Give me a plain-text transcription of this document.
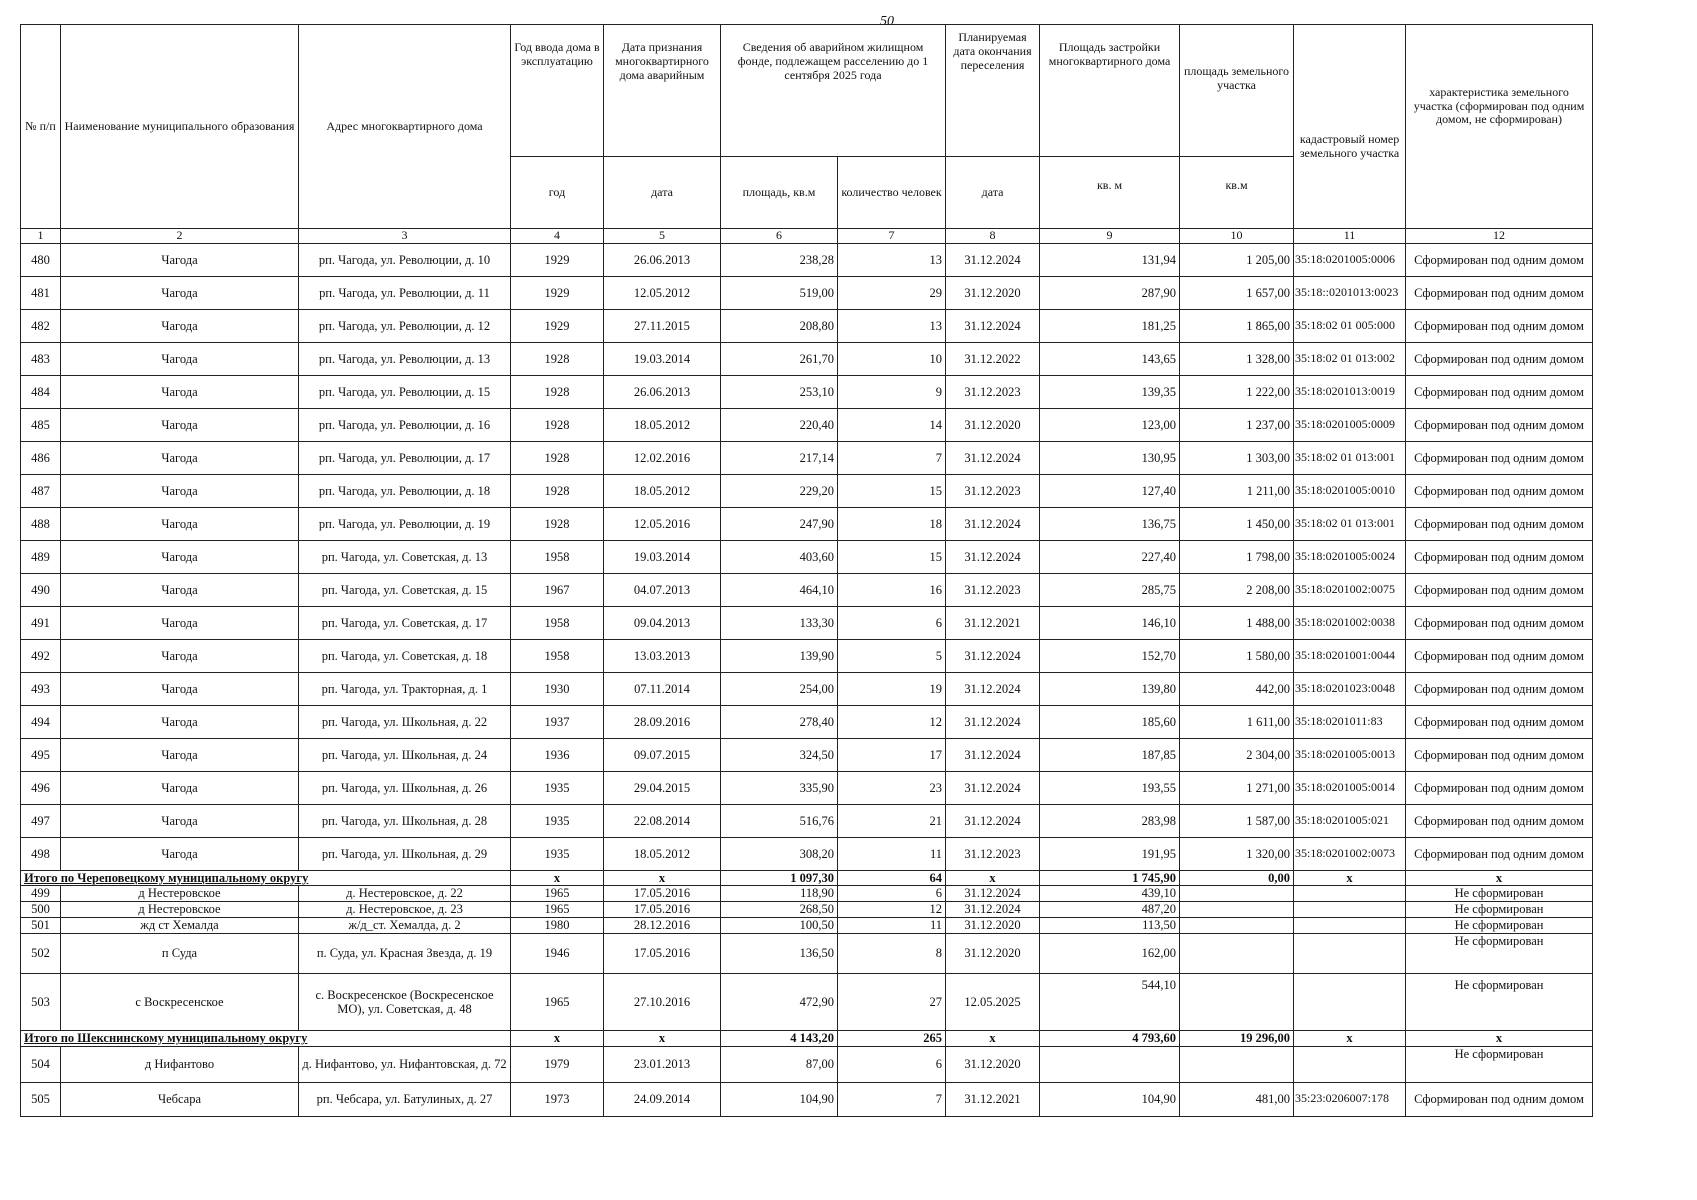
50
№ п/п	Наименование муниципального образования	Адрес многоквартирного дома	Год ввода дома в эксплуатацию	Дата признания многоквартирного дома аварийным	Сведения об аварийном жилищном фонде, подлежащем расселению до 1 сентября 2025 года		Планируемая дата окончания переселения	Площадь застройки многоквартирного дома	площадь земельного участка	кадастровый номер земельного участка	характеристика земельного участка (сформирован под одним домом, не сформирован)
			год	дата	площадь, кв.м	количество человек	дата	кв. м	кв.м		
1	2	3	4	5	6	7	8	9	10	11	12
480	Чагода	рп. Чагода, ул. Революции, д. 10	1929	26.06.2013	238,28	13	31.12.2024	131,94	1 205,00	35:18:0201005:0006	Сформирован под одним домом
481	Чагода	рп. Чагода, ул. Революции, д. 11	1929	12.05.2012	519,00	29	31.12.2020	287,90	1 657,00	35:18::0201013:0023	Сформирован под одним домом
482	Чагода	рп. Чагода, ул. Революции, д. 12	1929	27.11.2015	208,80	13	31.12.2024	181,25	1 865,00	35:18:02 01 005:000	Сформирован под одним домом
483	Чагода	рп. Чагода, ул. Революции, д. 13	1928	19.03.2014	261,70	10	31.12.2022	143,65	1 328,00	35:18:02 01 013:002	Сформирован под одним домом
484	Чагода	рп. Чагода, ул. Революции, д. 15	1928	26.06.2013	253,10	9	31.12.2023	139,35	1 222,00	35:18:0201013:0019	Сформирован под одним домом
485	Чагода	рп. Чагода, ул. Революции, д. 16	1928	18.05.2012	220,40	14	31.12.2020	123,00	1 237,00	35:18:0201005:0009	Сформирован под одним домом
486	Чагода	рп. Чагода, ул. Революции, д. 17	1928	12.02.2016	217,14	7	31.12.2024	130,95	1 303,00	35:18:02 01 013:001	Сформирован под одним домом
487	Чагода	рп. Чагода, ул. Революции, д. 18	1928	18.05.2012	229,20	15	31.12.2023	127,40	1 211,00	35:18:0201005:0010	Сформирован под одним домом
488	Чагода	рп. Чагода, ул. Революции, д. 19	1928	12.05.2016	247,90	18	31.12.2024	136,75	1 450,00	35:18:02 01 013:001	Сформирован под одним домом
489	Чагода	рп. Чагода, ул. Советская, д. 13	1958	19.03.2014	403,60	15	31.12.2024	227,40	1 798,00	35:18:0201005:0024	Сформирован под одним домом
490	Чагода	рп. Чагода, ул. Советская, д. 15	1967	04.07.2013	464,10	16	31.12.2023	285,75	2 208,00	35:18:0201002:0075	Сформирован под одним домом
491	Чагода	рп. Чагода, ул. Советская, д. 17	1958	09.04.2013	133,30	6	31.12.2021	146,10	1 488,00	35:18:0201002:0038	Сформирован под одним домом
492	Чагода	рп. Чагода, ул. Советская, д. 18	1958	13.03.2013	139,90	5	31.12.2024	152,70	1 580,00	35:18:0201001:0044	Сформирован под одним домом
493	Чагода	рп. Чагода, ул. Тракторная, д. 1	1930	07.11.2014	254,00	19	31.12.2024	139,80	442,00	35:18:0201023:0048	Сформирован под одним домом
494	Чагода	рп. Чагода, ул. Школьная, д. 22	1937	28.09.2016	278,40	12	31.12.2024	185,60	1 611,00	35:18:0201011:83	Сформирован под одним домом
495	Чагода	рп. Чагода, ул. Школьная, д. 24	1936	09.07.2015	324,50	17	31.12.2024	187,85	2 304,00	35:18:0201005:0013	Сформирован под одним домом
496	Чагода	рп. Чагода, ул. Школьная, д. 26	1935	29.04.2015	335,90	23	31.12.2024	193,55	1 271,00	35:18:0201005:0014	Сформирован под одним домом
497	Чагода	рп. Чагода, ул. Школьная, д. 28	1935	22.08.2014	516,76	21	31.12.2024	283,98	1 587,00	35:18:0201005:021	Сформирован под одним домом
498	Чагода	рп. Чагода, ул. Школьная, д. 29	1935	18.05.2012	308,20	11	31.12.2023	191,95	1 320,00	35:18:0201002:0073	Сформирован под одним домом
Итого по Череповецкому муниципальному округу			x	x	1 097,30	64	x	1 745,90	0,00	x	x
499	д Нестеровское	д. Нестеровское, д. 22	1965	17.05.2016	118,90	6	31.12.2024	439,10			Не сформирован
500	д Нестеровское	д. Нестеровское, д. 23	1965	17.05.2016	268,50	12	31.12.2024	487,20			Не сформирован
501	жд ст Хемалда	ж/д_ст. Хемалда, д. 2	1980	28.12.2016	100,50	11	31.12.2020	113,50			Не сформирован
502	п Суда	п. Суда, ул. Красная Звезда, д. 19	1946	17.05.2016	136,50	8	31.12.2020	162,00			Не сформирован
503	с Воскресенское	с. Воскресенское (Воскресенское МО), ул. Советская, д. 48	1965	27.10.2016	472,90	27	12.05.2025	544,10			Не сформирован
Итого по Шекснинскому муниципальному округу			x	x	4 143,20	265	x	4 793,60	19 296,00	x	x
504	д Нифантово	д. Нифантово, ул. Нифантовская, д. 72	1979	23.01.2013	87,00	6	31.12.2020				Не сформирован
505	Чебсара	рп. Чебсара, ул. Батулиных, д. 27	1973	24.09.2014	104,90	7	31.12.2021	104,90	481,00	35:23:0206007:178	Сформирован под одним домом
